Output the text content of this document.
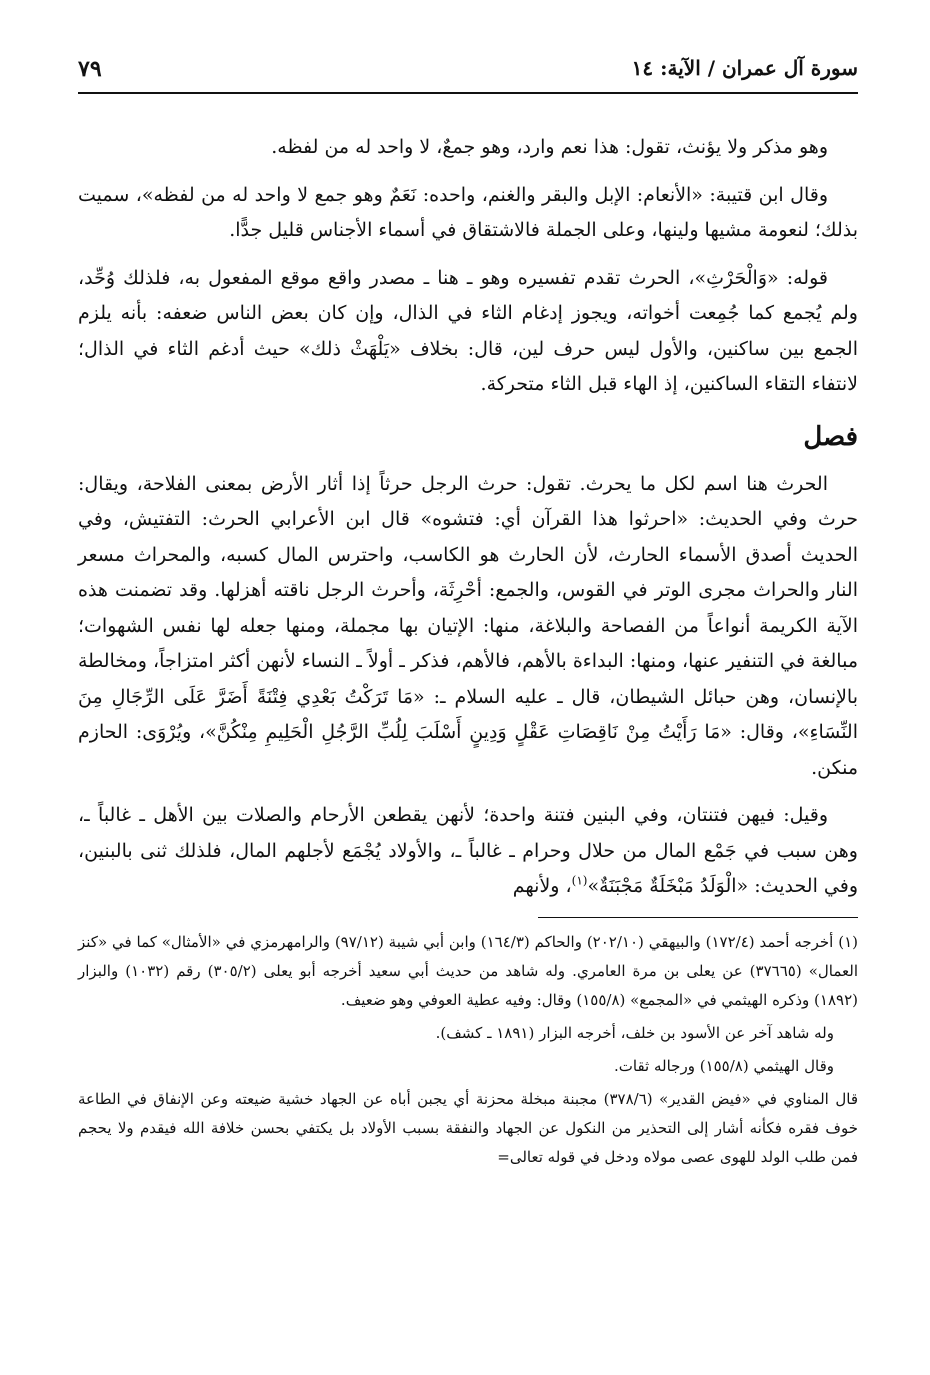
سورة آل عمران / الآية: ١٤
٧٩

وهو مذكر ولا يؤنث، تقول: هذا نعم وارد، وهو جمعٌ، لا واحد له من لفظه.

وقال ابن قتيبة: «الأنعام: الإبل والبقر والغنم، واحده: نَعَمٌ وهو جمع لا واحد له من لفظه»، سميت بذلك؛ لنعومة مشيها ولينها، وعلى الجملة فالاشتقاق في أسماء الأجناس قليل جدًّا.

قوله: «وَالْحَرْثِ»، الحرث تقدم تفسيره وهو ـ هنا ـ مصدر واقع موقع المفعول به، فلذلك وُحِّد، ولم يُجمع كما جُمِعت أخواته، ويجوز إدغام الثاء في الذال، وإن كان بعض الناس ضعفه: بأنه يلزم الجمع بين ساكنين، والأول ليس حرف لين، قال: بخلاف «يَلْهَثْ ذلك» حيث أدغم الثاء في الذال؛ لانتفاء التقاء الساكنين، إذ الهاء قبل الثاء متحركة.

فصل

الحرث هنا اسم لكل ما يحرث. تقول: حرث الرجل حرثاً إذا أثار الأرض بمعنى الفلاحة، ويقال: حرث وفي الحديث: «احرثوا هذا القرآن أي: فتشوه» قال ابن الأعرابي الحرث: التفتيش، وفي الحديث أصدق الأسماء الحارث، لأن الحارث هو الكاسب، واحترس المال كسبه، والمحراث مسعر النار والحراث مجرى الوتر في القوس، والجمع: أحْرِثَة، وأحرث الرجل ناقته أهزلها. وقد تضمنت هذه الآية الكريمة أنواعاً من الفصاحة والبلاغة، منها: الإتيان بها مجملة، ومنها جعله لها نفس الشهوات؛ مبالغة في التنفير عنها، ومنها: البداءة بالأهم، فالأهم، فذكر ـ أولاً ـ النساء لأنهن أكثر امتزاجاً، ومخالطة بالإنسان، وهن حبائل الشيطان، قال ـ عليه السلام ـ: «مَا تَرَكْتُ بَعْدِي فِتْنَةً أَضَرَّ عَلَى الرِّجَالِ مِنَ النِّسَاءِ»، وقال: «مَا رَأَيْتُ مِنْ نَاقِصَاتِ عَقْلٍ وَدِينٍ أَسْلَبَ لِلُبِّ الرَّجُلِ الْحَلِيمِ مِنْكُنَّ»، ويُرْوَى: الحازم منكن.

وقيل: فيهن فتنتان، وفي البنين فتنة واحدة؛ لأنهن يقطعن الأرحام والصلات بين الأهل ـ غالباً ـ، وهن سبب في جَمْع المال من حلال وحرام ـ غالباً ـ، والأولاد يُجْمَع لأجلهم المال، فلذلك ثنى بالبنين، وفي الحديث: «الْوَلَدُ مَبْخَلَةٌ مَجْبَنَةٌ»$^{(١)}$، ولأنهم

(١) أخرجه أحمد (١٧٢/٤) والبيهقي (٢٠٢/١٠) والحاكم (١٦٤/٣) وابن أبي شيبة (٩٧/١٢) والرامهرمزي في «الأمثال» كما في «كنز العمال» (٣٧٦٦٥) عن يعلى بن مرة العامري. وله شاهد من حديث أبي سعيد أخرجه أبو يعلى (٣٠٥/٢) رقم (١٠٣٢) والبزار (١٨٩٢) وذكره الهيثمي في «المجمع» (١٥٥/٨) وقال: وفيه عطية العوفي وهو ضعيف.

وله شاهد آخر عن الأسود بن خلف، أخرجه البزار (١٨٩١ ـ كشف).

وقال الهيثمي (١٥٥/٨) ورجاله ثقات.

قال المناوي في «فيض القدير» (٣٧٨/٦) مجبنة مبخلة محزنة أي يجبن أباه عن الجهاد خشية ضيعته وعن الإنفاق في الطاعة خوف فقره فكأنه أشار إلى التحذير من النكول عن الجهاد والنفقة بسبب الأولاد بل يكتفي بحسن خلافة الله فيقدم ولا يحجم فمن طلب الولد للهوى عصى مولاه ودخل في قوله تعالى=
